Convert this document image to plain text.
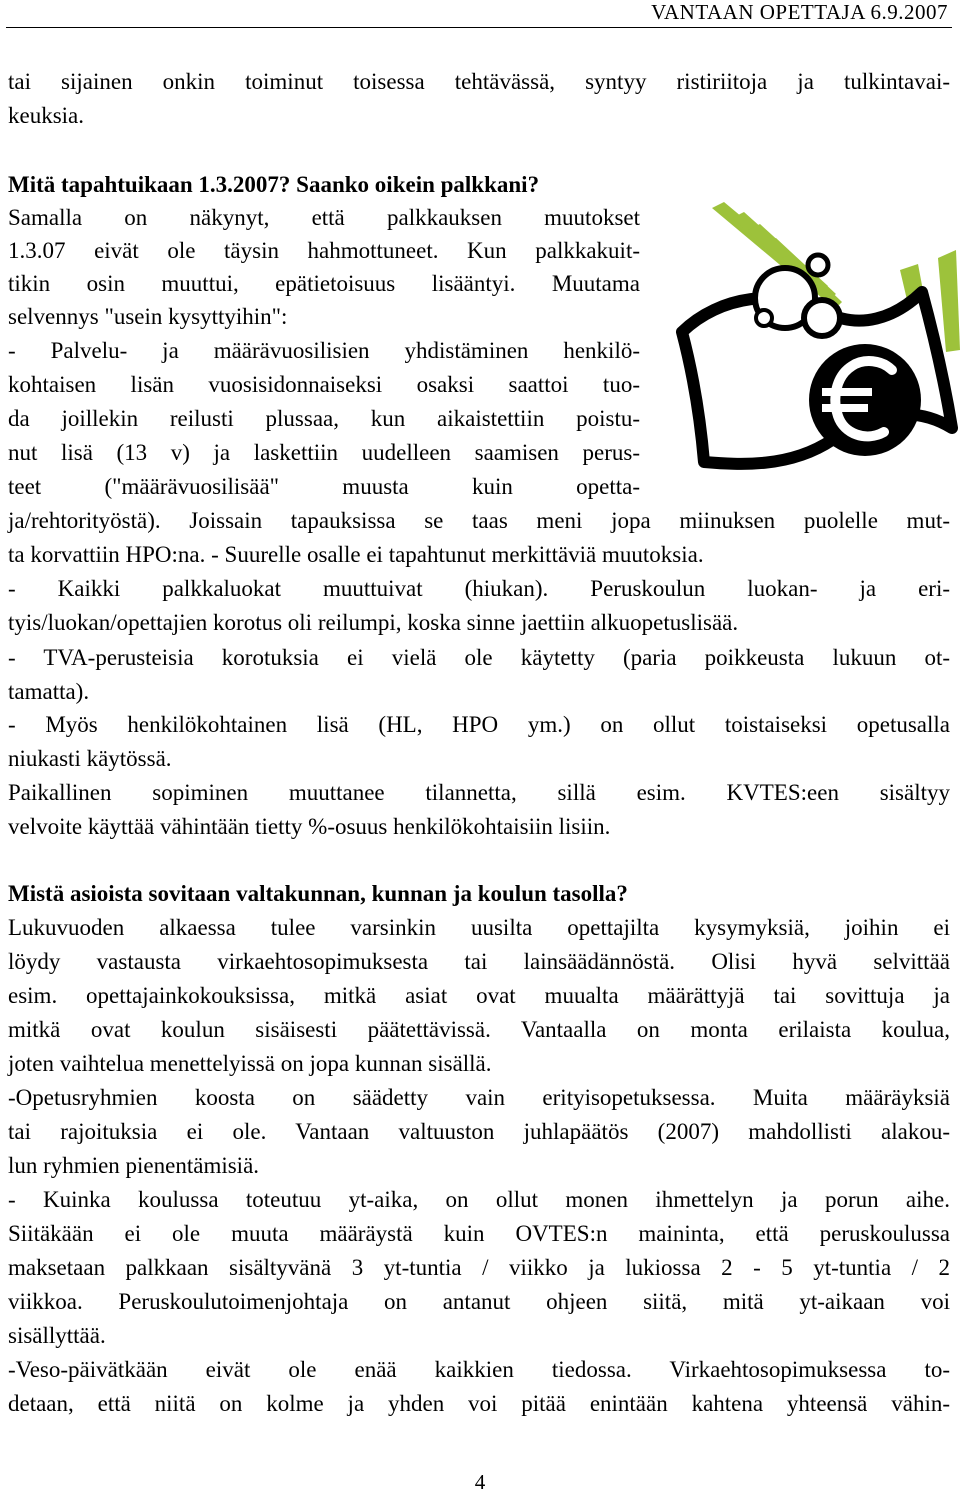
VANTAAN OPETTAJA 6.9.2007
tai sijainen onkin toiminut toisessa tehtävässä, syntyy ristiriitoja ja tulkintavai-
keuksia.
Mitä tapahtuikaan 1.3.2007? Saanko oikein palkkani?
Samalla on näkynyt, että palkkauksen muutokset
1.3.07 eivät ole täysin hahmottuneet. Kun palkkakuit-
tikin osin muuttui, epätietoisuus lisääntyi. Muutama
selvennys "usein kysyttyihin":
- Palvelu- ja määrävuosilisien yhdistäminen henkilö-
kohtaisen lisän vuosisidonnaiseksi osaksi saattoi tuo-
da joillekin reilusti plussaa, kun aikaistettiin poistu-
nut lisä (13 v) ja laskettiin uudelleen saamisen perus-
teet ("määrävuosilisää" muusta kuin opetta-
ja/rehtorityöstä). Joissain tapauksissa se taas meni jopa miinuksen puolelle mut-
ta korvattiin HPO:na. - Suurelle osalle ei tapahtunut merkittäviä muutoksia.
- Kaikki palkkaluokat muuttuivat (hiukan). Peruskoulun luokan- ja eri-
tyis/luokan/opettajien korotus oli reilumpi, koska sinne jaettiin alkuopetuslisää.
- TVA-perusteisia korotuksia ei vielä ole käytetty (paria poikkeusta lukuun ot-
tamatta).
- Myös henkilökohtainen lisä (HL, HPO ym.) on ollut toistaiseksi opetusalla
niukasti käytössä.
Paikallinen sopiminen muuttanee tilannetta, sillä esim. KVTES:een sisältyy
velvoite käyttää vähintään tietty %-osuus henkilökohtaisiin lisiin.
Mistä asioista sovitaan valtakunnan, kunnan ja koulun tasolla?
Lukuvuoden alkaessa tulee varsinkin uusilta opettajilta kysymyksiä, joihin ei
löydy vastausta virkaehtosopimuksesta tai lainsäädännöstä. Olisi hyvä selvittää
esim. opettajainkokouksissa, mitkä asiat ovat muualta määrättyjä tai sovittuja ja
mitkä ovat koulun sisäisesti päätettävissä. Vantaalla on monta erilaista koulua,
joten vaihtelua menettelyissä on jopa kunnan sisällä.
-Opetusryhmien koosta on säädetty vain erityisopetuksessa. Muita määräyksiä
tai rajoituksia ei ole. Vantaan valtuuston juhlapäätös (2007) mahdollisti alakou-
lun ryhmien pienentämisiä.
- Kuinka koulussa toteutuu yt-aika, on ollut monen ihmettelyn ja porun aihe.
Siitäkään ei ole muuta määräystä kuin OVTES:n maininta, että peruskoulussa
maksetaan palkkaan sisältyvänä 3 yt-tuntia / viikko ja lukiossa 2 - 5 yt-tuntia / 2
viikkoa. Peruskoulutoimenjohtaja on antanut ohjeen siitä, mitä yt-aikaan voi
sisällyttää.
-Veso-päivätkään eivät ole enää kaikkien tiedossa. Virkaehtosopimuksessa to-
detaan, että niitä on kolme ja yhden voi pitää enintään kahtena yhteensä vähin-
4
